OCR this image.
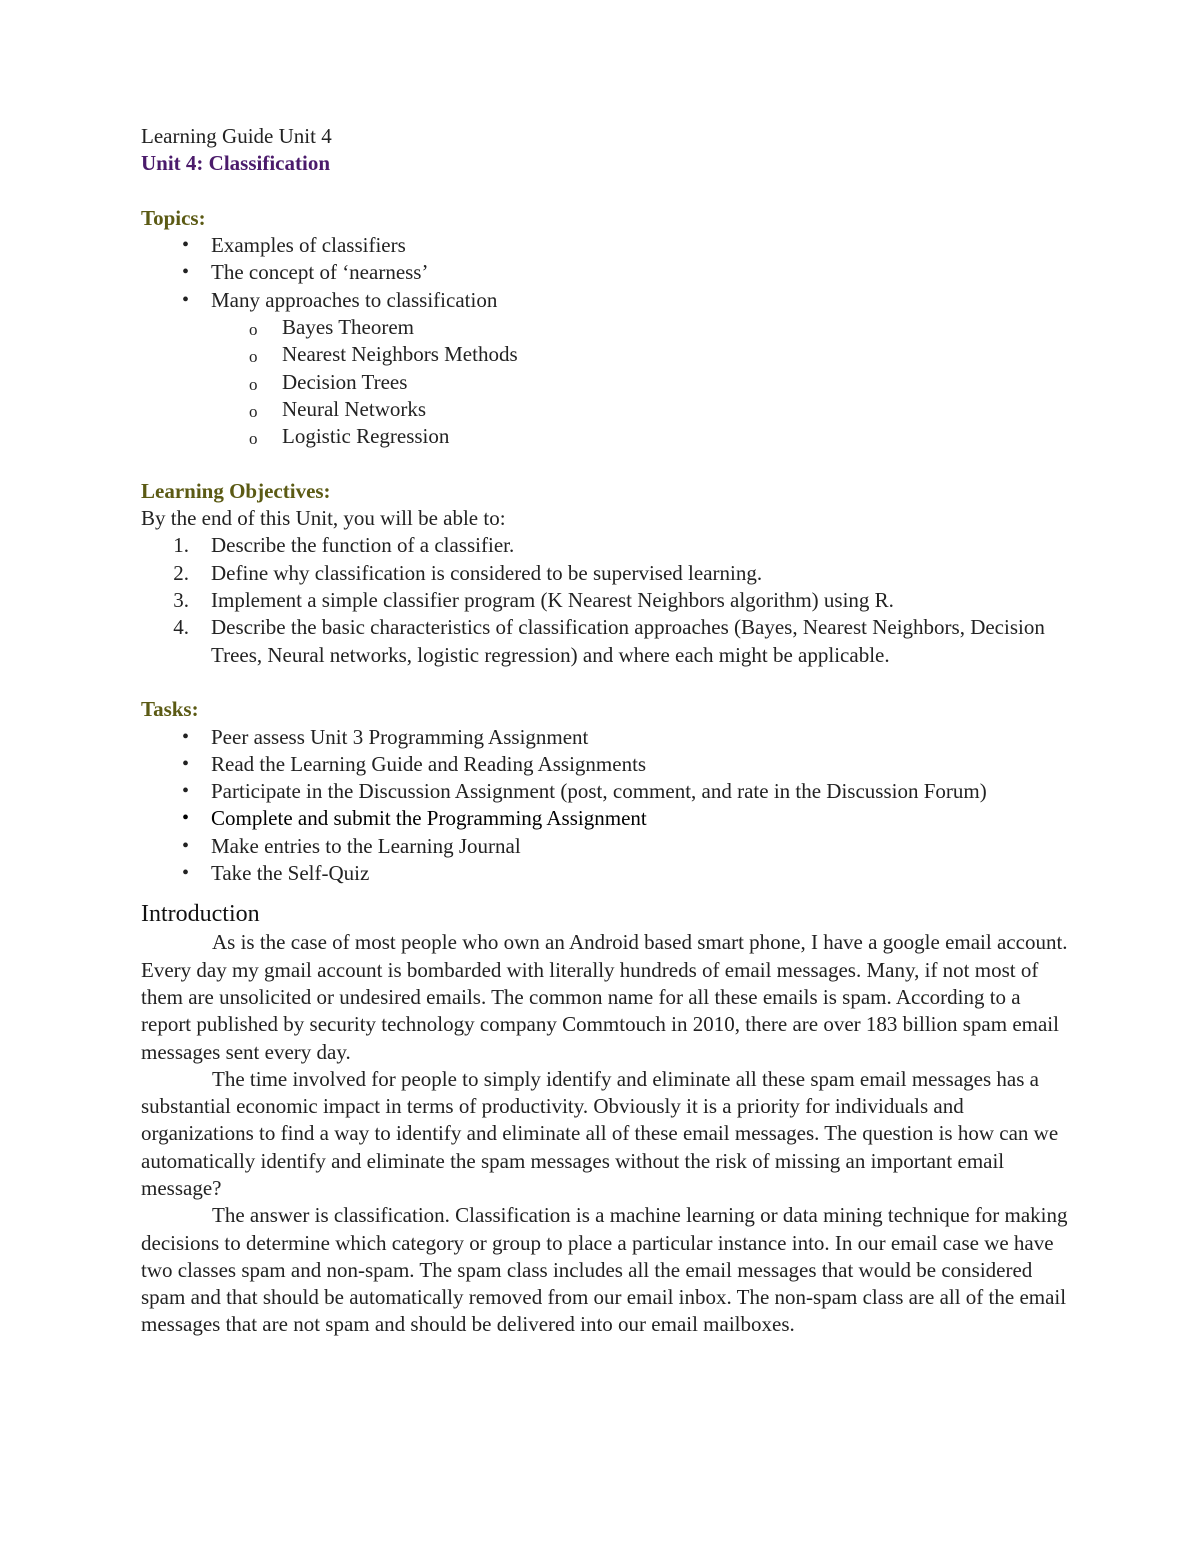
Learning Guide Unit 4

Unit 4: Classification

Topics:

• Examples of classifiers
• The concept of ‘nearness’
• Many approaches to classification
o Bayes Theorem
o Nearest Neighbors Methods
o Decision Trees
o Neural Networks
o Logistic Regression

Learning Objectives:

By the end of this Unit, you will be able to:

1. Describe the function of a classifier.
2. Define why classification is considered to be supervised learning.
3. Implement a simple classifier program (K Nearest Neighbors algorithm) using R.
4. Describe the basic characteristics of classification approaches (Bayes, Nearest Neighbors, Decision Trees, Neural networks, logistic regression) and where each might be applicable.

Tasks:

• Peer assess Unit 3 Programming Assignment
• Read the Learning Guide and Reading Assignments
• Participate in the Discussion Assignment (post, comment, and rate in the Discussion Forum)
• Complete and submit the Programming Assignment
• Make entries to the Learning Journal
• Take the Self-Quiz
Introduction

As is the case of most people who own an Android based smart phone, I have a google email account. Every day my gmail account is bombarded with literally hundreds of email messages. Many, if not most of them are unsolicited or undesired emails. The common name for all these emails is spam. According to a report published by security technology company Commtouch in 2010, there are over 183 billion spam email messages sent every day.

The time involved for people to simply identify and eliminate all these spam email messages has a substantial economic impact in terms of productivity. Obviously it is a priority for individuals and organizations to find a way to identify and eliminate all of these email messages. The question is how can we automatically identify and eliminate the spam messages without the risk of missing an important email message?

The answer is classification. Classification is a machine learning or data mining technique for making decisions to determine which category or group to place a particular instance into. In our email case we have two classes spam and non-spam. The spam class includes all the email messages that would be considered spam and that should be automatically removed from our email inbox. The non-spam class are all of the email messages that are not spam and should be delivered into our email mailboxes.
